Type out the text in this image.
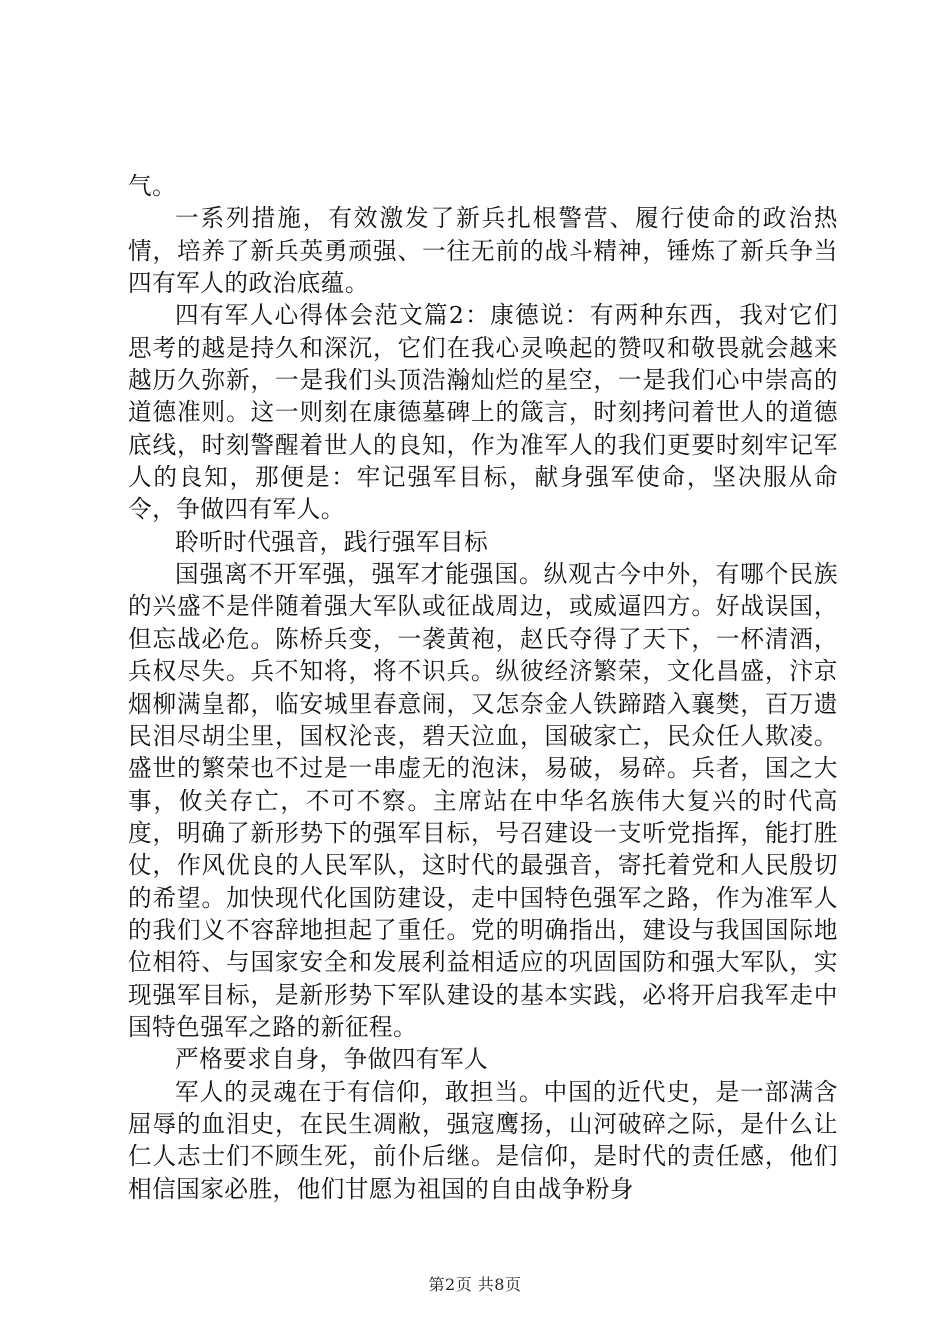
气。

一系列措施，有效激发了新兵扎根警营、履行使命的政治热情，培养了新兵英勇顽强、一往无前的战斗精神，锤炼了新兵争当四有军人的政治底蕴。

四有军人心得体会范文篇2：康德说：有两种东西，我对它们思考的越是持久和深沉，它们在我心灵唤起的赞叹和敬畏就会越来越历久弥新，一是我们头顶浩瀚灿烂的星空，一是我们心中崇高的道德准则。这一则刻在康德墓碑上的箴言，时刻拷问着世人的道德底线，时刻警醒着世人的良知，作为准军人的我们更要时刻牢记军人的良知，那便是：牢记强军目标，献身强军使命，坚决服从命令，争做四有军人。

聆听时代强音，践行强军目标

国强离不开军强，强军才能强国。纵观古今中外，有哪个民族的兴盛不是伴随着强大军队或征战周边，或威逼四方。好战误国，但忘战必危。陈桥兵变，一袭黄袍，赵氏夺得了天下，一杯清酒，兵权尽失。兵不知将，将不识兵。纵彼经济繁荣，文化昌盛，汴京烟柳满皇都，临安城里春意闹，又怎奈金人铁蹄踏入襄樊，百万遗民泪尽胡尘里，国权沦丧，碧天泣血，国破家亡，民众任人欺凌。盛世的繁荣也不过是一串虚无的泡沫，易破，易碎。兵者，国之大事，攸关存亡，不可不察。主席站在中华名族伟大复兴的时代高度，明确了新形势下的强军目标，号召建设一支听党指挥，能打胜仗，作风优良的人民军队，这时代的最强音，寄托着党和人民殷切的希望。加快现代化国防建设，走中国特色强军之路，作为准军人的我们义不容辞地担起了重任。党的明确指出，建设与我国国际地位相符、与国家安全和发展利益相适应的巩固国防和强大军队，实现强军目标，是新形势下军队建设的基本实践，必将开启我军走中国特色强军之路的新征程。

严格要求自身，争做四有军人

军人的灵魂在于有信仰，敢担当。中国的近代史，是一部满含屈辱的血泪史，在民生凋敝，强寇鹰扬，山河破碎之际，是什么让仁人志士们不顾生死，前仆后继。是信仰，是时代的责任感，他们相信国家必胜，他们甘愿为祖国的自由战争粉身

第2页 共8页
